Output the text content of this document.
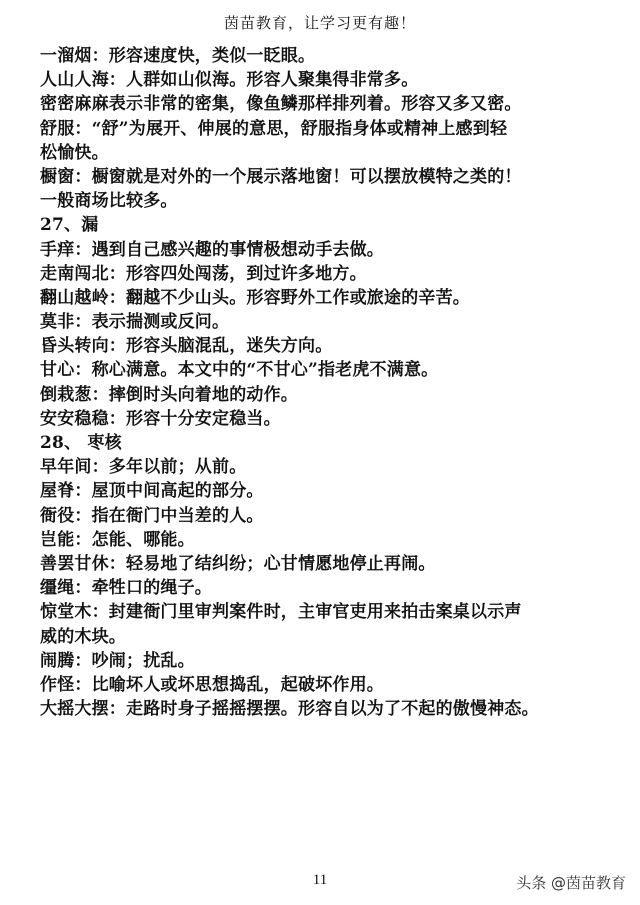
茵苗教育，让学习更有趣！
一溜烟：形容速度快，类似一眨眼。
人山人海：人群如山似海。形容人聚集得非常多。
密密麻麻表示非常的密集，像鱼鳞那样排列着。形容又多又密。
舒服：“舒”为展开、伸展的意思，舒服指身体或精神上感到轻
松愉快。
橱窗：橱窗就是对外的一个展示落地窗！可以摆放模特之类的！
一般商场比较多。
27、漏
手痒：遇到自己感兴趣的事情极想动手去做。
走南闯北：形容四处闯荡，到过许多地方。
翻山越岭：翻越不少山头。形容野外工作或旅途的辛苦。
莫非：表示揣测或反问。
昏头转向：形容头脑混乱，迷失方向。
甘心：称心满意。本文中的“不甘心”指老虎不满意。
倒栽葱：摔倒时头向着地的动作。
安安稳稳：形容十分安定稳当。
28、 枣核
早年间：多年以前；从前。
屋脊：屋顶中间高起的部分。
衙役：指在衙门中当差的人。
岂能：怎能、哪能。
善罢甘休：轻易地了结纠纷；心甘情愿地停止再闹。
缰绳：牵牲口的绳子。
惊堂木：封建衙门里审判案件时，主审官吏用来拍击案桌以示声
威的木块。
闹腾：吵闹；扰乱。
作怪：比喻坏人或坏思想捣乱，起破坏作用。
大摇大摆：走路时身子摇摇摆摆。形容自以为了不起的傲慢神态。
11	头条 @茵苗教育
